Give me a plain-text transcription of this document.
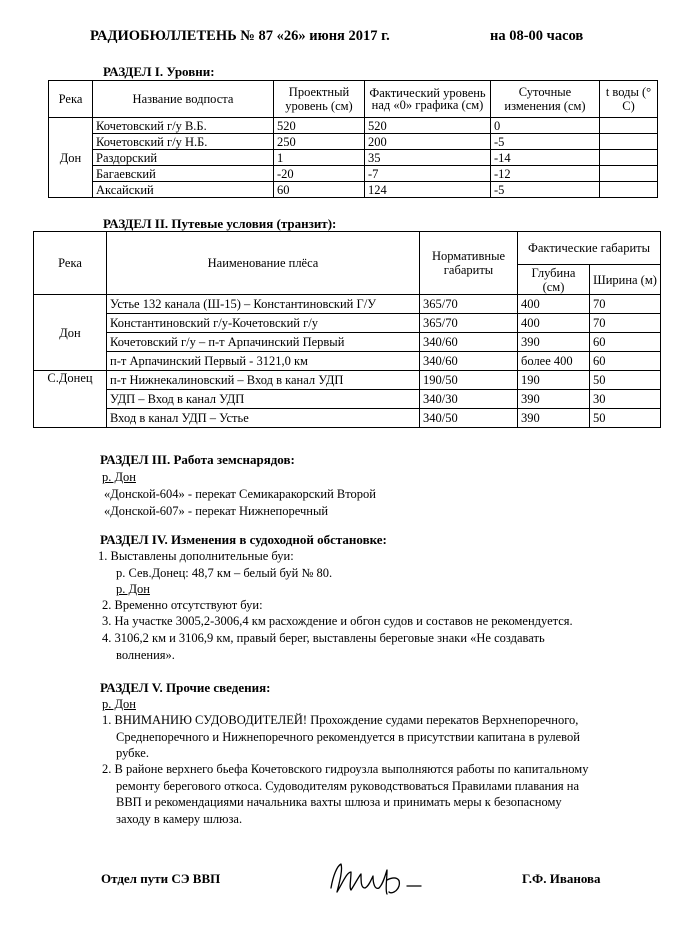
РАДИОБЮЛЛЕТЕНЬ № 87 «26» июня 2017 г.	на 08-00 часов
РАЗДЕЛ I. Уровни:
Река	Название водпоста	Проектный уровень (см)	Фактический уровень над «0» графика (см)	Суточные изменения (см)	t воды (° С)
Дон	Кочетовский г/у В.Б.	520	520	0	
	Кочетовский г/у Н.Б.	250	200	-5	
	Раздорский	1	35	-14	
	Багаевский	-20	-7	-12	
	Аксайский	60	124	-5	
РАЗДЕЛ II. Путевые условия (транзит):
Река	Наименование плёса	Нормативные габариты	Фактические габариты	
			Глубина (см)	Ширина (м)
Дон	Устье 132 канала (Ш-15) – Константиновский Г/У	365/70	400	70
	Константиновский г/у-Кочетовский г/у	365/70	400	70
	Кочетовский г/у – п-т Арпачинский Первый	340/60	390	60
	п-т Арпачинский Первый - 3121,0 км	340/60	более 400	60
С.Донец	п-т Нижнекалиновский – Вход в канал УДП	190/50	190	50
	УДП – Вход в канал УДП	340/30	390	30
	Вход в канал УДП – Устье	340/50	390	50
РАЗДЕЛ III. Работа земснарядов:
р. Дон
«Донской-604» - перекат Семикаракорский Второй
«Донской-607» - перекат Нижнепоречный
РАЗДЕЛ IV. Изменения в судоходной обстановке:
1. Выставлены дополнительные буи:
р. Сев.Донец: 48,7 км – белый буй № 80.
р. Дон
2. Временно отсутствуют буи:
3. На участке 3005,2-3006,4 км расхождение и обгон судов и составов не рекомендуется.
4. 3106,2 км и 3106,9 км, правый берег, выставлены береговые знаки «Не создавать
волнения».
РАЗДЕЛ V. Прочие сведения:
р. Дон
1. ВНИМАНИЮ СУДОВОДИТЕЛЕЙ! Прохождение судами перекатов Верхнепоречного,
Среднепоречного и Нижнепоречного рекомендуется в присутствии капитана в рулевой
рубке.
2. В районе верхнего бьефа Кочетовского гидроузла выполняются работы по капитальному
ремонту берегового откоса. Судоводителям руководствоваться Правилами плавания на
ВВП и рекомендациями начальника вахты шлюза и принимать меры к безопасному
заходу в камеру шлюза.
Отдел пути СЭ ВВП	Г.Ф. Иванова
